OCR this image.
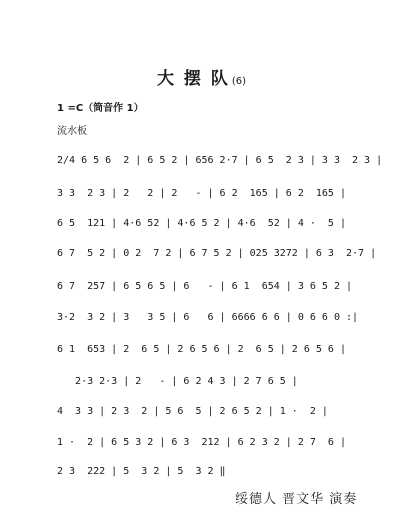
大 摆 队 (6)
1 =C（筒音作 1）
流水板
2/4 6 5 6  2 | 6 5 2 | 656 2·7 | 6 5  2 3 | 3 3  2 3 |
3 3  2 3 | 2   2 | 2   - | 6 2  165 | 6 2  165 |
6 5  121 | 4·6 52 | 4·6 5 2 | 4·6  52 | 4 ·  5 |
6 7  5 2 | 0 2  7 2 | 6 7 5 2 | 025 3272 | 6 3  2·7 |
6 7  257 | 6 5 6 5 | 6   - | 6 1  654 | 3 6 5 2 |
3·2  3 2 | 3   3 5 | 6   6 | 6666 6 6 | 0 6 6 0 :|
6 1  653 | 2  6 5 | 2 6 5 6 | 2  6 5 | 2 6 5 6 |
2·3 2·3 | 2   - | 6 2 4 3 | 2 7 6 5 |
4  3 3 | 2 3  2 | 5 6  5 | 2 6 5 2 | 1 ·  2 |
1 ·  2 | 6 5 3 2 | 6 3  212 | 6 2 3 2 | 2 7  6 |
2 3  222 | 5  3 2 | 5  3 2 ‖
绥德人 晋文华 演奏
